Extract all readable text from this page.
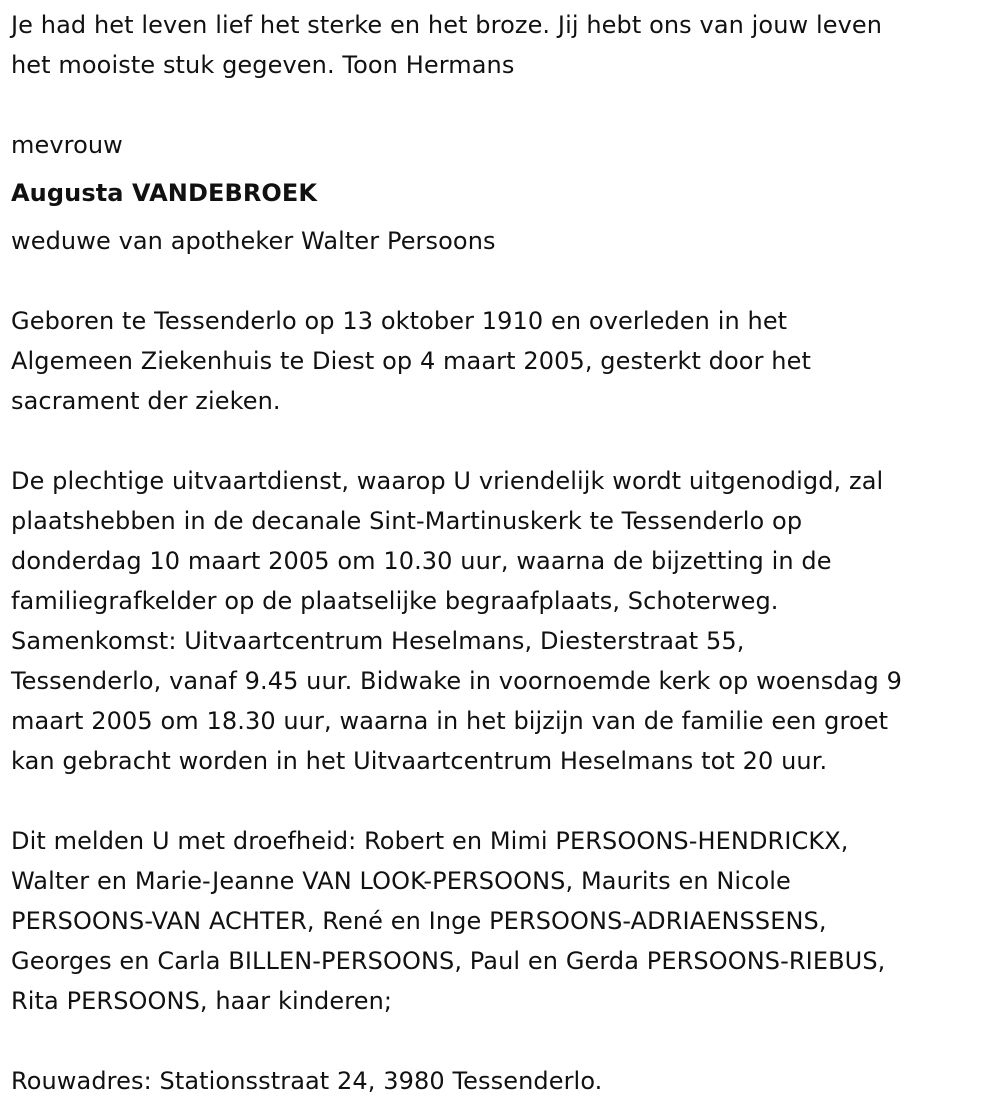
Je had het leven lief het sterke en het broze. Jij hebt ons van jouw leven
het mooiste stuk gegeven. Toon Hermans
mevrouw
Augusta VANDEBROEK
weduwe van apotheker Walter Persoons
Geboren te Tessenderlo op 13 oktober 1910 en overleden in het
Algemeen Ziekenhuis te Diest op 4 maart 2005, gesterkt door het
sacrament der zieken.
De plechtige uitvaartdienst, waarop U vriendelijk wordt uitgenodigd, zal
plaatshebben in de decanale Sint-Martinuskerk te Tessenderlo op
donderdag 10 maart 2005 om 10.30 uur, waarna de bijzetting in de
familiegrafkelder op de plaatselijke begraafplaats, Schoterweg.
Samenkomst: Uitvaartcentrum Heselmans, Diesterstraat 55,
Tessenderlo, vanaf 9.45 uur. Bidwake in voornoemde kerk op woensdag 9
maart 2005 om 18.30 uur, waarna in het bijzijn van de familie een groet
kan gebracht worden in het Uitvaartcentrum Heselmans tot 20 uur.
Dit melden U met droefheid: Robert en Mimi PERSOONS-HENDRICKX,
Walter en Marie-Jeanne VAN LOOK-PERSOONS, Maurits en Nicole
PERSOONS-VAN ACHTER, René en Inge PERSOONS-ADRIAENSSENS,
Georges en Carla BILLEN-PERSOONS, Paul en Gerda PERSOONS-RIEBUS,
Rita PERSOONS, haar kinderen;
Rouwadres: Stationsstraat 24, 3980 Tessenderlo.
